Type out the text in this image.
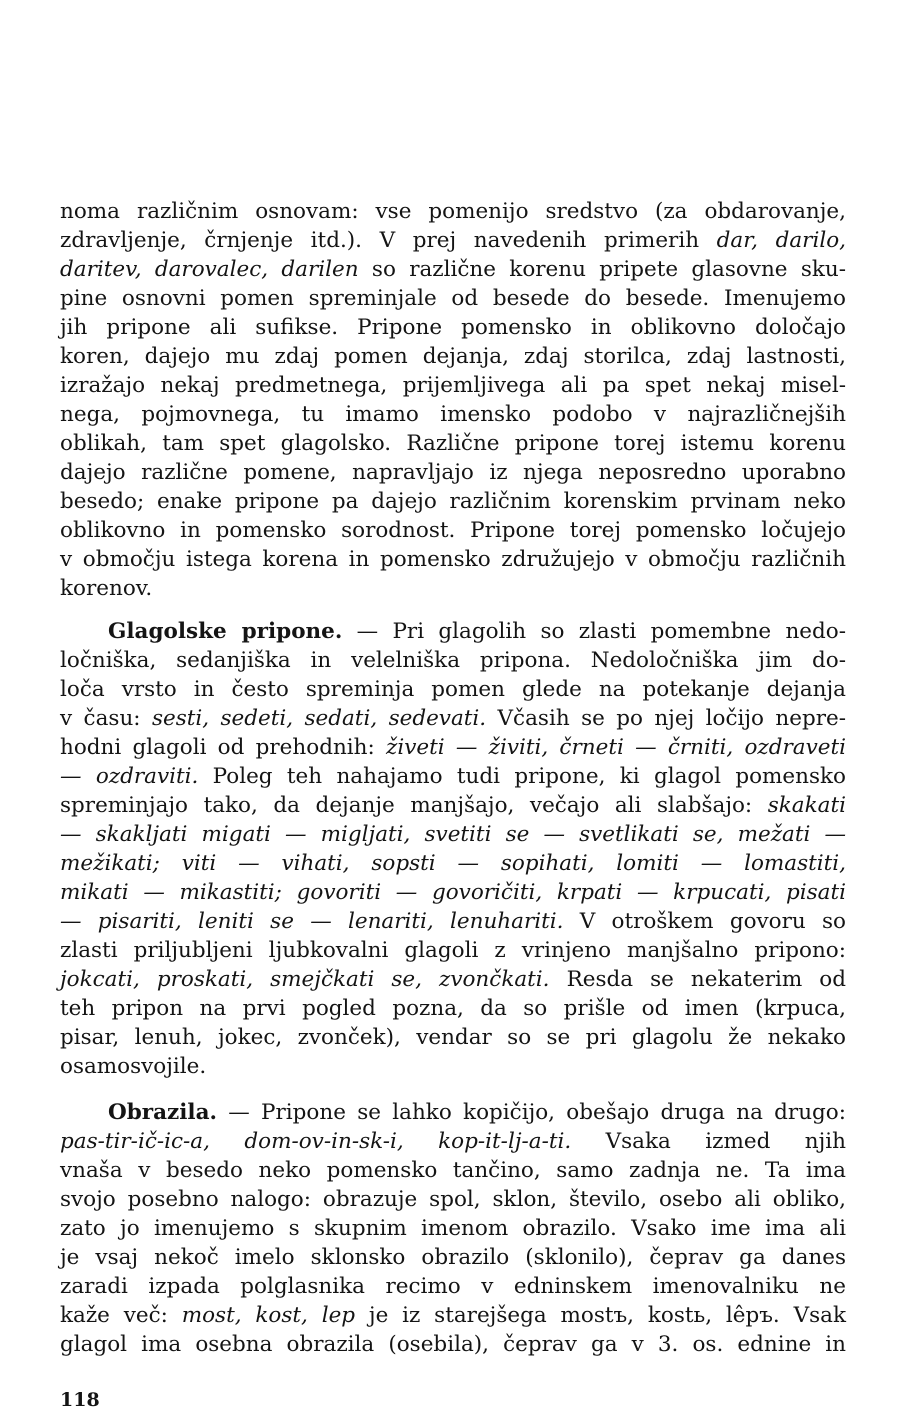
noma različnim osnovam: vse pomenijo sredstvo (za obdarovanje,
zdravljenje, črnjenje itd.). V prej navedenih primerih dar, darilo,
daritev, darovalec, darilen so različne korenu pripete glasovne sku-
pine osnovni pomen spreminjale od besede do besede. Imenujemo
jih pripone ali sufikse. Pripone pomensko in oblikovno določajo
koren, dajejo mu zdaj pomen dejanja, zdaj storilca, zdaj lastnosti,
izražajo nekaj predmetnega, prijemljivega ali pa spet nekaj misel-
nega, pojmovnega, tu imamo imensko podobo v najrazličnejših
oblikah, tam spet glagolsko. Različne pripone torej istemu korenu
dajejo različne pomene, napravljajo iz njega neposredno uporabno
besedo; enake pripone pa dajejo različnim korenskim prvinam neko
oblikovno in pomensko sorodnost. Pripone torej pomensko ločujejo
v območju istega korena in pomensko združujejo v območju različnih
korenov.
Glagolske pripone. — Pri glagolih so zlasti pomembne nedo-
ločniška, sedanjiška in velelniška pripona. Nedoločniška jim do-
loča vrsto in često spreminja pomen glede na potekanje dejanja
v času: sesti, sedeti, sedati, sedevati. Včasih se po njej ločijo nepre-
hodni glagoli od prehodnih: živeti — živiti, črneti — črniti, ozdraveti
— ozdraviti. Poleg teh nahajamo tudi pripone, ki glagol pomensko
spreminjajo tako, da dejanje manjšajo, večajo ali slabšajo: skakati
— skakljati migati — migljati, svetiti se — svetlikati se, mežati —
mežikati; viti — vihati, sopsti — sopihati, lomiti — lomastiti,
mikati — mikastiti; govoriti — govoričiti, krpati — krpucati, pisati
— pisariti, leniti se — lenariti, lenuhariti. V otroškem govoru so
zlasti priljubljeni ljubkovalni glagoli z vrinjeno manjšalno pripono:
jokcati, proskati, smejčkati se, zvončkati. Resda se nekaterim od
teh pripon na prvi pogled pozna, da so prišle od imen (krpuca,
pisar, lenuh, jokec, zvonček), vendar so se pri glagolu že nekako
osamosvojile.
Obrazila. — Pripone se lahko kopičijo, obešajo druga na drugo:
pas-tir-ič-ic-a, dom-ov-in-sk-i, kop-it-lj-a-ti. Vsaka izmed njih
vnaša v besedo neko pomensko tančino, samo zadnja ne. Ta ima
svojo posebno nalogo: obrazuje spol, sklon, število, osebo ali obliko,
zato jo imenujemo s skupnim imenom obrazilo. Vsako ime ima ali
je vsaj nekoč imelo sklonsko obrazilo (sklonilo), čeprav ga danes
zaradi izpada polglasnika recimo v edninskem imenovalniku ne
kaže več: most, kost, lep je iz starejšega mostъ, kostь, lêpъ. Vsak
glagol ima osebna obrazila (osebila), čeprav ga v 3. os. ednine in
118
